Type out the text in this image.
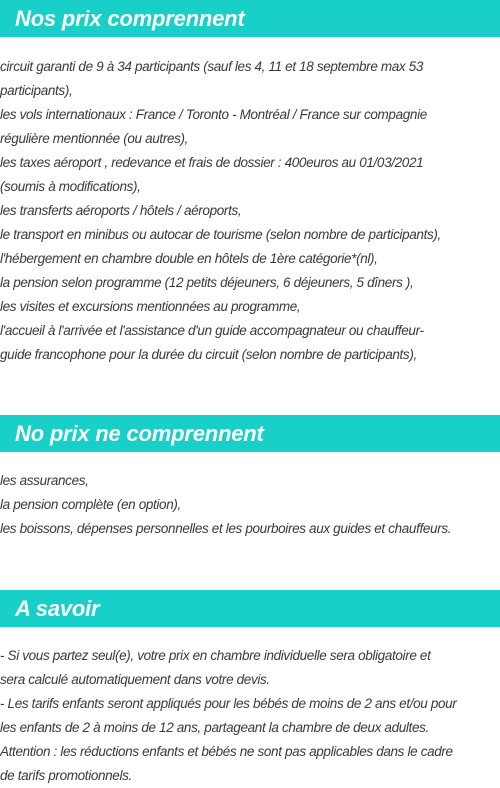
Nos prix comprennent
circuit garanti de 9 à 34 participants (sauf les 4, 11 et 18 septembre max 53
participants),
les vols internationaux : France / Toronto - Montréal / France sur compagnie
régulière mentionnée (ou autres),
les taxes aéroport , redevance et frais de dossier : 400euros au 01/03/2021
(soumis à modifications),
les transferts aéroports / hôtels / aéroports,
le transport en minibus ou autocar de tourisme (selon nombre de participants),
l'hébergement en chambre double en hôtels de 1ère catégorie*(nl),
la pension selon programme (12 petits déjeuners, 6 déjeuners, 5 dîners ),
les visites et excursions mentionnées au programme,
l'accueil à l'arrivée et l'assistance d'un guide accompagnateur ou chauffeur-
guide francophone pour la durée du circuit (selon nombre de participants),
No prix ne comprennent
les assurances,
la pension complète (en option),
les boissons, dépenses personnelles et les pourboires aux guides et chauffeurs.
A savoir
- Si vous partez seul(e), votre prix en chambre individuelle sera obligatoire et
sera calculé automatiquement dans votre devis.
- Les tarifs enfants seront appliqués pour les bébés de moins de 2 ans et/ou pour
les enfants de 2 à moins de 12 ans, partageant la chambre de deux adultes.
Attention : les réductions enfants et bébés ne sont pas applicables dans le cadre
de tarifs promotionnels.
